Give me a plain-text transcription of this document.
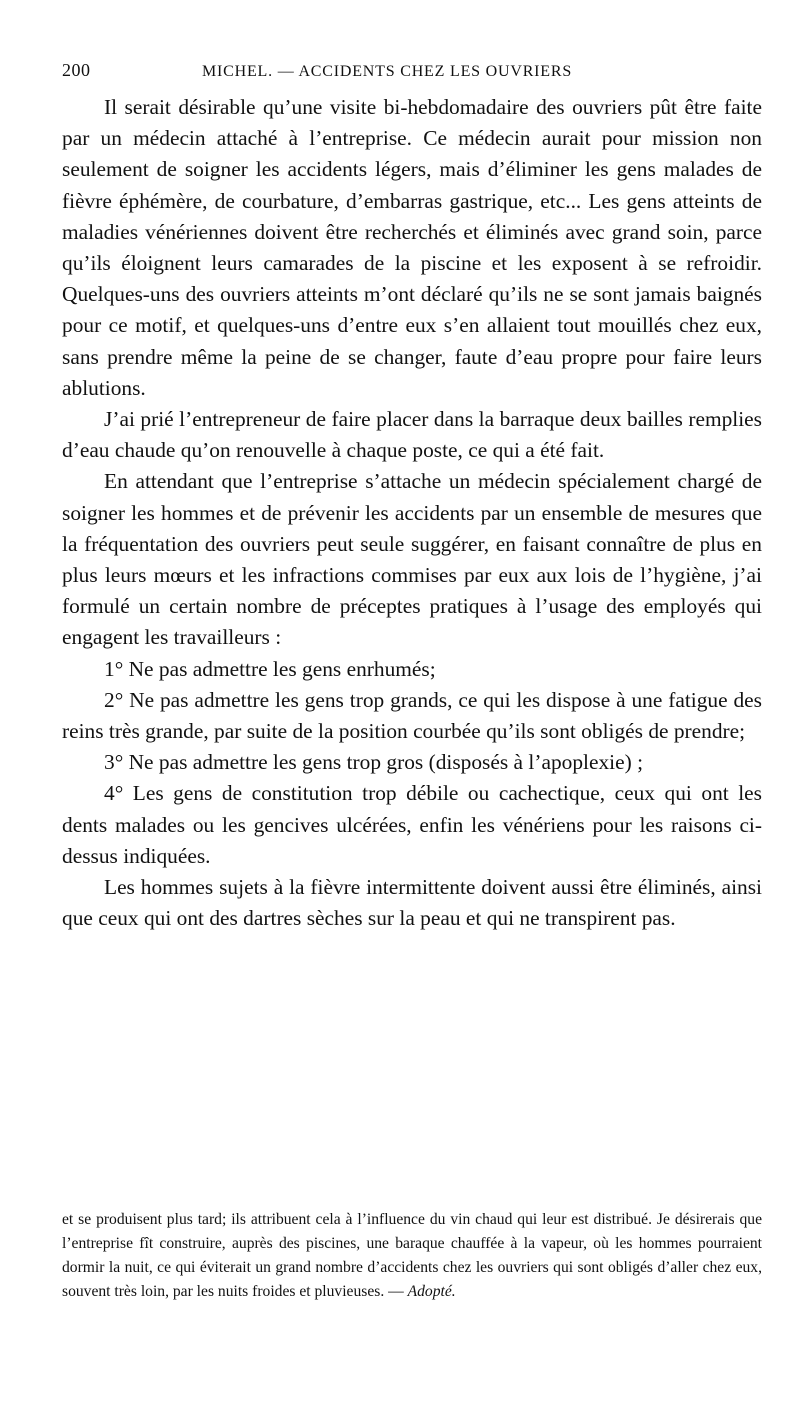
200	MICHEL. — ACCIDENTS CHEZ LES OUVRIERS

Il serait désirable qu’une visite bi-hebdomadaire des ouvriers pût être faite par un médecin attaché à l’entreprise. Ce médecin aurait pour mission non seulement de soigner les accidents légers, mais d’éliminer les gens malades de fièvre éphémère, de courbature, d’embarras gastrique, etc... Les gens atteints de maladies vénériennes doivent être recherchés et éliminés avec grand soin, parce qu’ils éloignent leurs camarades de la piscine et les exposent à se refroidir. Quelques-uns des ouvriers atteints m’ont déclaré qu’ils ne se sont jamais baignés pour ce motif, et quelques-uns d’entre eux s’en allaient tout mouillés chez eux, sans prendre même la peine de se changer, faute d’eau propre pour faire leurs ablutions.

J’ai prié l’entrepreneur de faire placer dans la barraque deux bailles remplies d’eau chaude qu’on renouvelle à chaque poste, ce qui a été fait.

En attendant que l’entreprise s’attache un médecin spécialement chargé de soigner les hommes et de prévenir les accidents par un ensemble de mesures que la fréquentation des ouvriers peut seule suggérer, en faisant connaître de plus en plus leurs mœurs et les infractions commises par eux aux lois de l’hygiène, j’ai formulé un certain nombre de préceptes pratiques à l’usage des employés qui engagent les travailleurs :

1° Ne pas admettre les gens enrhumés;

2° Ne pas admettre les gens trop grands, ce qui les dispose à une fatigue des reins très grande, par suite de la position courbée qu’ils sont obligés de prendre;

3° Ne pas admettre les gens trop gros (disposés à l’apoplexie) ;

4° Les gens de constitution trop débile ou cachectique, ceux qui ont les dents malades ou les gencives ulcérées, enfin les vénériens pour les raisons ci-dessus indiquées.

Les hommes sujets à la fièvre intermittente doivent aussi être éliminés, ainsi que ceux qui ont des dartres sèches sur la peau et qui ne transpirent pas.

et se produisent plus tard; ils attribuent cela à l’influence du vin chaud qui leur est distribué. Je désirerais que l’entreprise fît construire, auprès des piscines, une baraque chauffée à la vapeur, où les hommes pourraient dormir la nuit, ce qui éviterait un grand nombre d’accidents chez les ouvriers qui sont obligés d’aller chez eux, souvent très loin, par les nuits froides et pluvieuses. — Adopté.
